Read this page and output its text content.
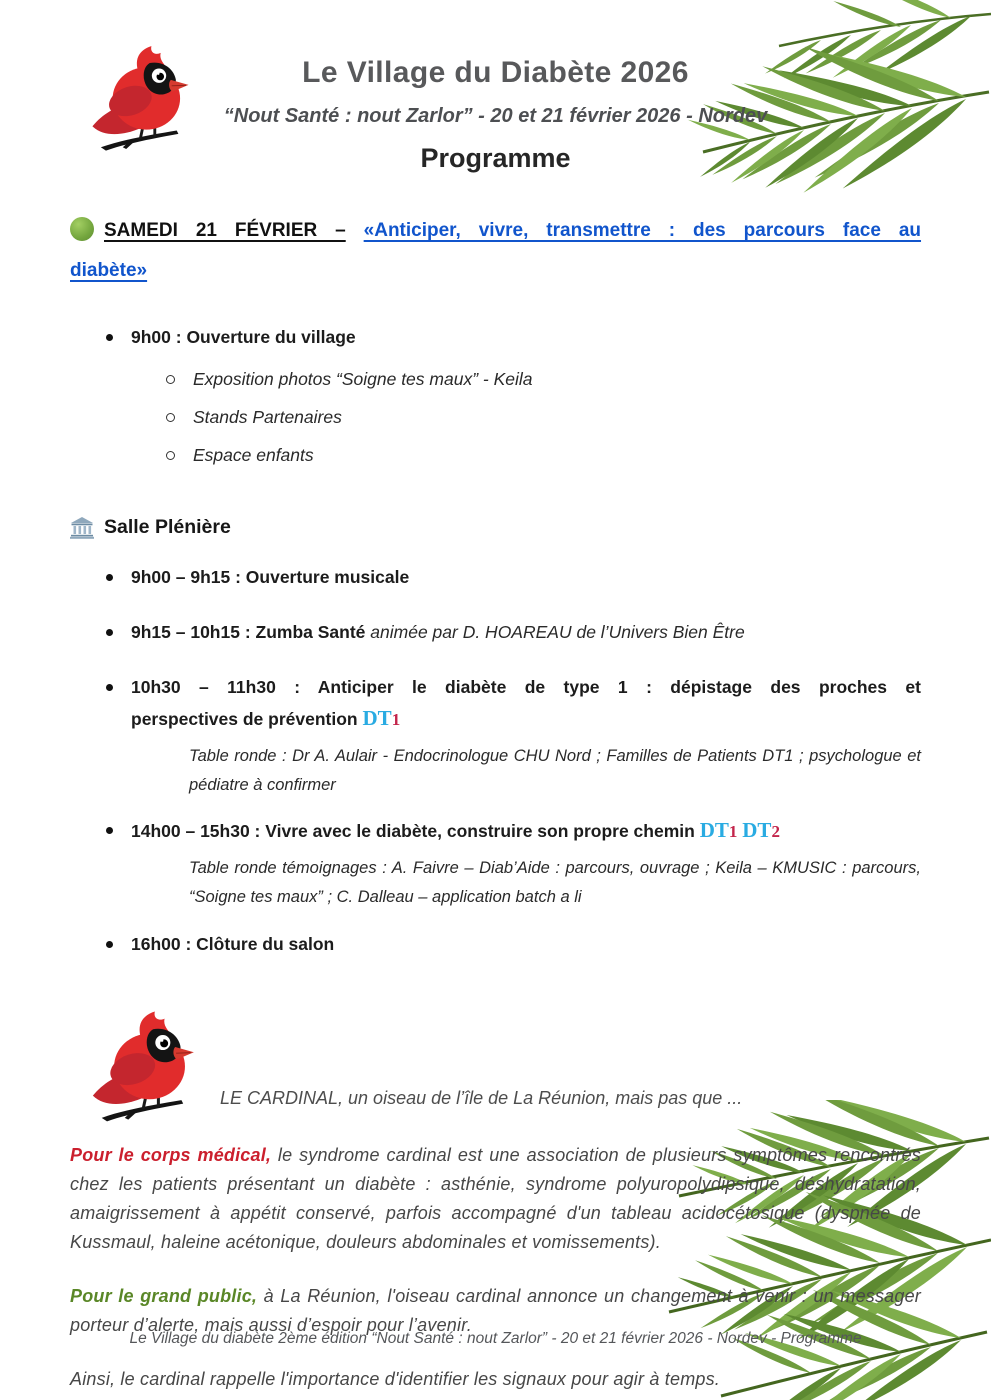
Le Village du Diabète 2026
“Nout Santé : nout Zarlor” - 20 et 21 février 2026 - Nordev
Programme
SAMEDI 21 FÉVRIER – «Anticiper, vivre, transmettre : des parcours face au
diabète»
9h00 : Ouverture du village
Exposition photos “Soigne tes maux” - Keila
Stands Partenaires
Espace enfants
Salle Plénière
9h00 – 9h15 : Ouverture musicale
9h15 – 10h15 : Zumba Santé animée par D. HOAREAU de l’Univers Bien Être
10h30 – 11h30 : Anticiper le diabète de type 1 : dépistage des proches et
perspectives de prévention DT1
Table ronde : Dr A. Aulair - Endocrinologue CHU Nord ; Familles de Patients DT1 ; psychologue et pédiatre à confirmer
14h00 – 15h30 : Vivre avec le diabète, construire son propre chemin DT1 DT2
Table ronde témoignages : A. Faivre – Diab’Aide : parcours, ouvrage ; Keila – KMUSIC : parcours, “Soigne tes maux” ; C. Dalleau – application batch a li
16h00 : Clôture du salon
LE CARDINAL, un oiseau de l’île de La Réunion, mais pas que ...

Pour le corps médical, le syndrome cardinal est une association de plusieurs symptômes rencontrés chez les patients présentant un diabète : asthénie, syndrome polyuropolydipsique, déshydratation, amaigrissement à appétit conservé, parfois accompagné d'un tableau acidocétosique (dyspnée de Kussmaul, haleine acétonique, douleurs abdominales et vomissements).

Pour le grand public, à La Réunion, l'oiseau cardinal annonce un changement à venir : un messager porteur d’alerte, mais aussi d’espoir pour l’avenir.

Ainsi, le cardinal rappelle l'importance d'identifier les signaux pour agir à temps.

Le Village du diabète 2ème édition “Nout Santé : nout Zarlor” - 20 et 21 février 2026 - Nordev - Programme
